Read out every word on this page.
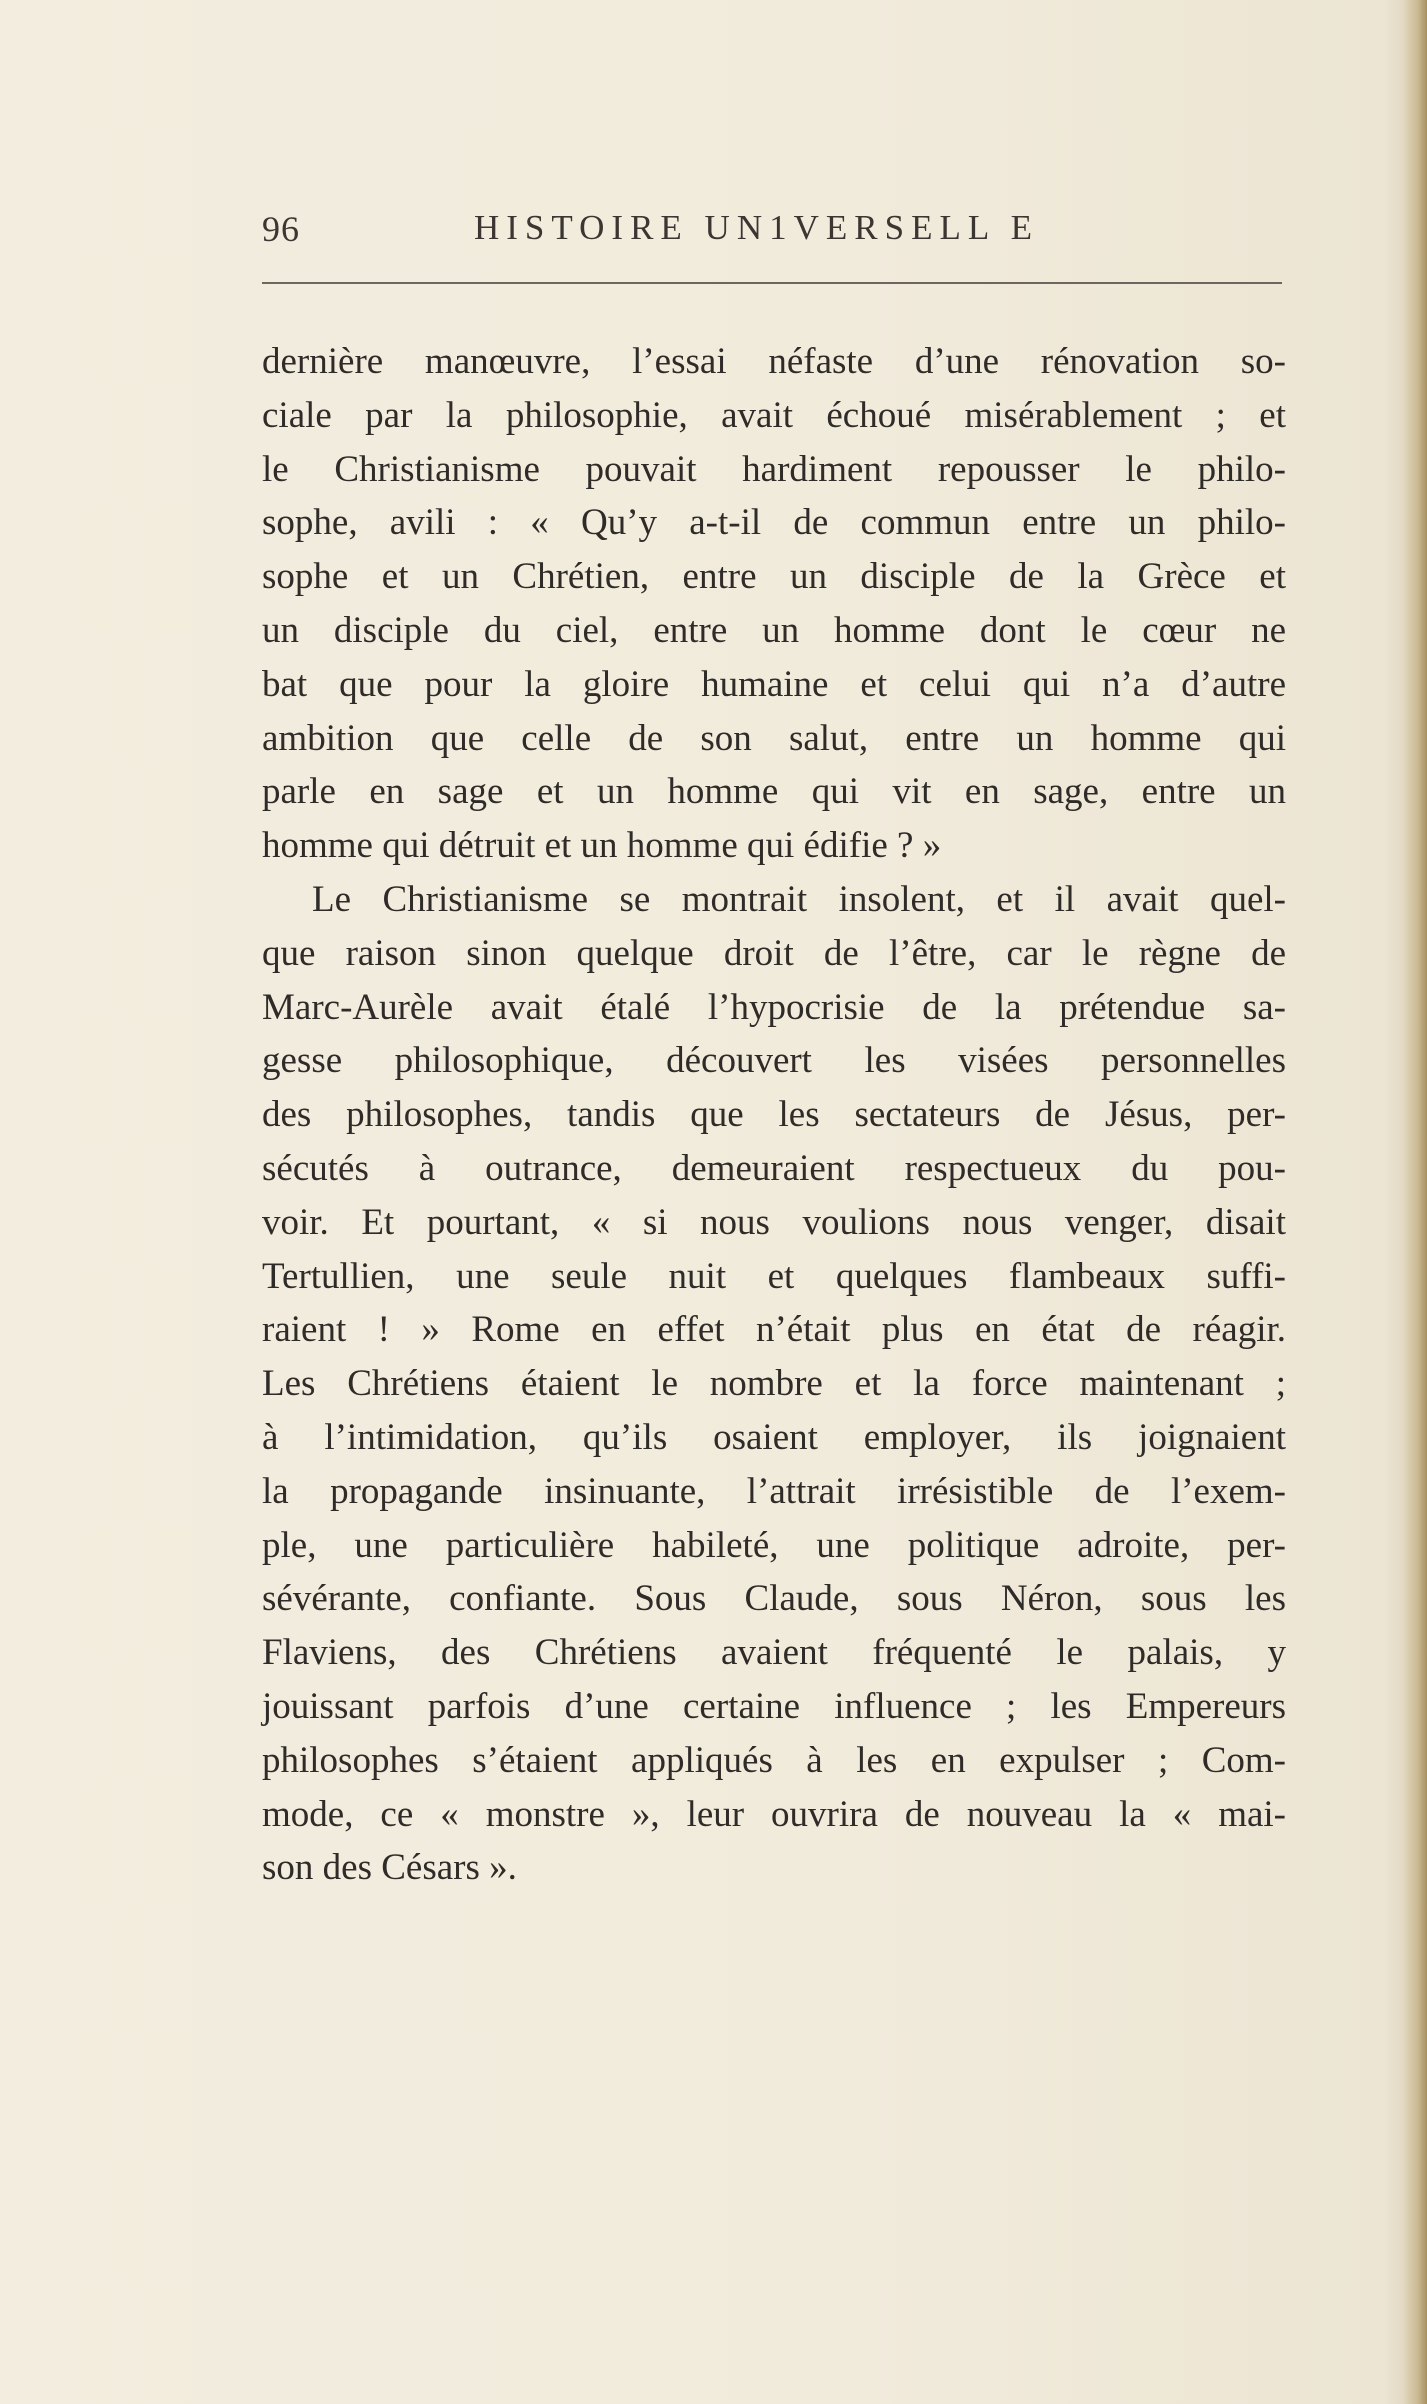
96	HISTOIRE UN1VERSELL E
dernière manœuvre, l’essai néfaste d’une rénovation so-
ciale par la philosophie, avait échoué misérablement ; et
le Christianisme pouvait hardiment repousser le philo-
sophe, avili : « Qu’y a-t-il de commun entre un philo-
sophe et un Chrétien, entre un disciple de la Grèce et
un disciple du ciel, entre un homme dont le cœur ne
bat que pour la gloire humaine et celui qui n’a d’autre
ambition que celle de son salut, entre un homme qui
parle en sage et un homme qui vit en sage, entre un
homme qui détruit et un homme qui édifie ? »
Le Christianisme se montrait insolent, et il avait quel-
que raison sinon quelque droit de l’être, car le règne de
Marc-Aurèle avait étalé l’hypocrisie de la prétendue sa-
gesse philosophique, découvert les visées personnelles
des philosophes, tandis que les sectateurs de Jésus, per-
sécutés à outrance, demeuraient respectueux du pou-
voir. Et pourtant, « si nous voulions nous venger, disait
Tertullien, une seule nuit et quelques flambeaux suffi-
raient ! » Rome en effet n’était plus en état de réagir.
Les Chrétiens étaient le nombre et la force maintenant ;
à l’intimidation, qu’ils osaient employer, ils joignaient
la propagande insinuante, l’attrait irrésistible de l’exem-
ple, une particulière habileté, une politique adroite, per-
sévérante, confiante. Sous Claude, sous Néron, sous les
Flaviens, des Chrétiens avaient fréquenté le palais, y
jouissant parfois d’une certaine influence ; les Empereurs
philosophes s’étaient appliqués à les en expulser ; Com-
mode, ce « monstre », leur ouvrira de nouveau la « mai-
son des Césars ».
